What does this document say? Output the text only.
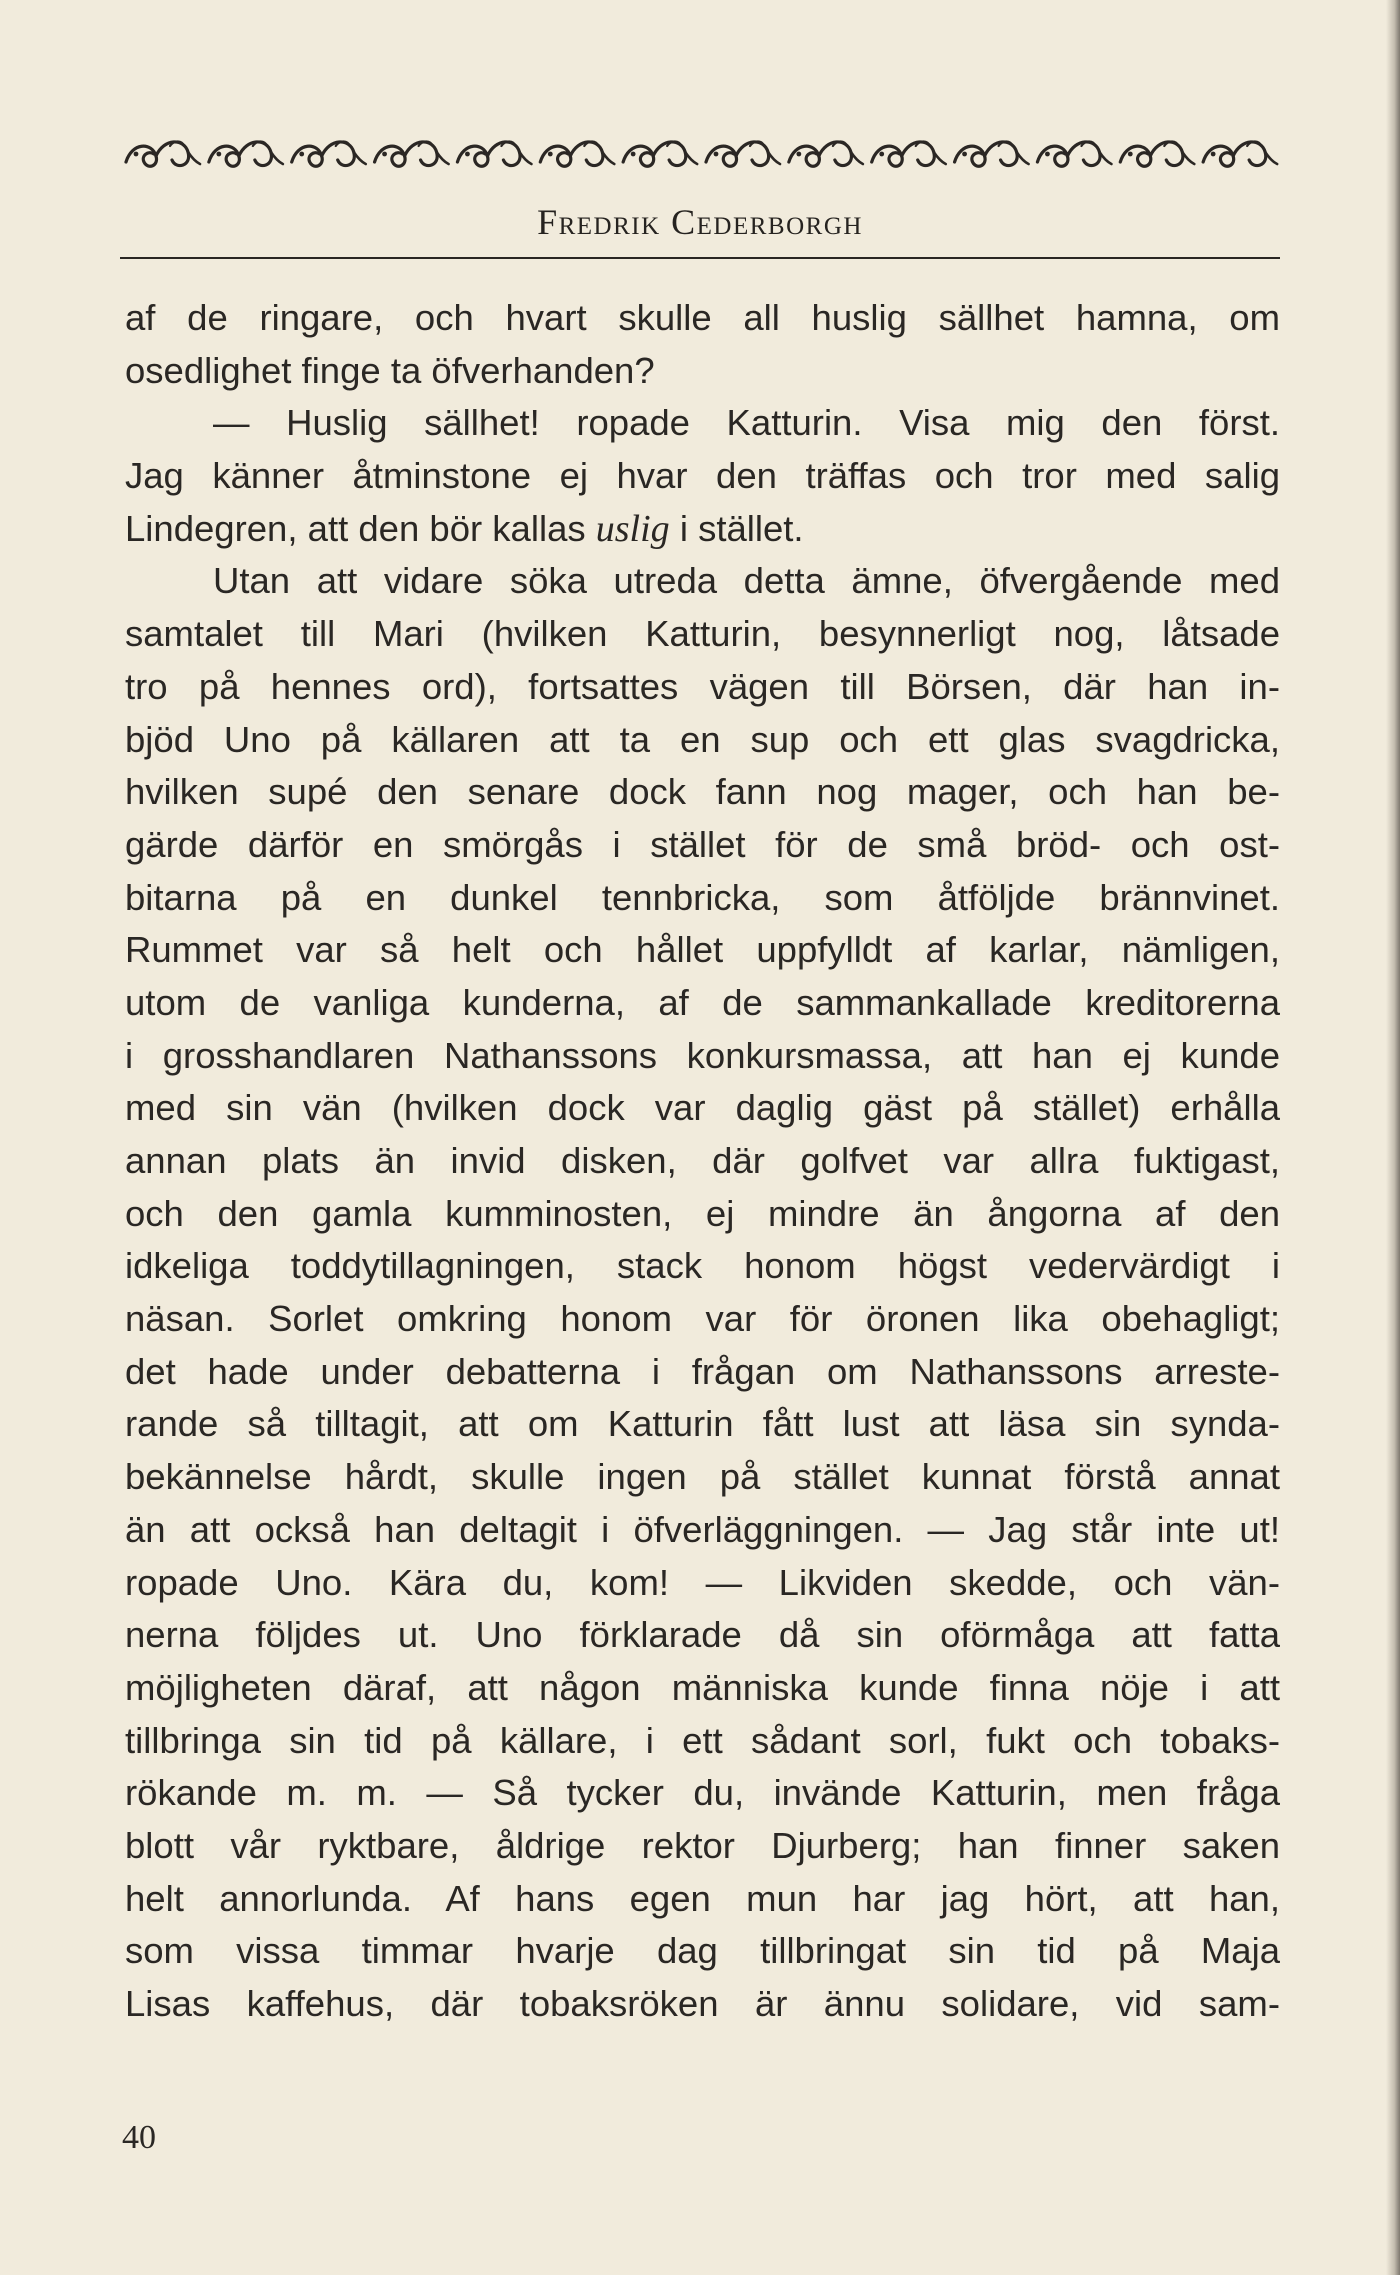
Fredrik Cederborgh
af de ringare, och hvart skulle all huslig sällhet hamna, om
osedlighet finge ta öfverhanden?
— Huslig sällhet! ropade Katturin. Visa mig den först.
Jag känner åtminstone ej hvar den träffas och tror med salig
Lindegren, att den bör kallas uslig i stället.
Utan att vidare söka utreda detta ämne, öfvergående med
samtalet till Mari (hvilken Katturin, besynnerligt nog, låtsade
tro på hennes ord), fortsattes vägen till Börsen, där han in-
bjöd Uno på källaren att ta en sup och ett glas svagdricka,
hvilken supé den senare dock fann nog mager, och han be-
gärde därför en smörgås i stället för de små bröd- och ost-
bitarna på en dunkel tennbricka, som åtföljde brännvinet.
Rummet var så helt och hållet uppfylldt af karlar, nämligen,
utom de vanliga kunderna, af de sammankallade kreditorerna
i grosshandlaren Nathanssons konkursmassa, att han ej kunde
med sin vän (hvilken dock var daglig gäst på stället) erhålla
annan plats än invid disken, där golfvet var allra fuktigast,
och den gamla kumminosten, ej mindre än ångorna af den
idkeliga toddytillagningen, stack honom högst vedervärdigt i
näsan. Sorlet omkring honom var för öronen lika obehagligt;
det hade under debatterna i frågan om Nathanssons arreste-
rande så tilltagit, att om Katturin fått lust att läsa sin synda-
bekännelse hårdt, skulle ingen på stället kunnat förstå annat
än att också han deltagit i öfverläggningen. — Jag står inte ut!
ropade Uno. Kära du, kom! — Likviden skedde, och vän-
nerna följdes ut. Uno förklarade då sin oförmåga att fatta
möjligheten däraf, att någon människa kunde finna nöje i att
tillbringa sin tid på källare, i ett sådant sorl, fukt och tobaks-
rökande m. m. — Så tycker du, invände Katturin, men fråga
blott vår ryktbare, åldrige rektor Djurberg; han finner saken
helt annorlunda. Af hans egen mun har jag hört, att han,
som vissa timmar hvarje dag tillbringat sin tid på Maja
Lisas kaffehus, där tobaksröken är ännu solidare, vid sam-
40
